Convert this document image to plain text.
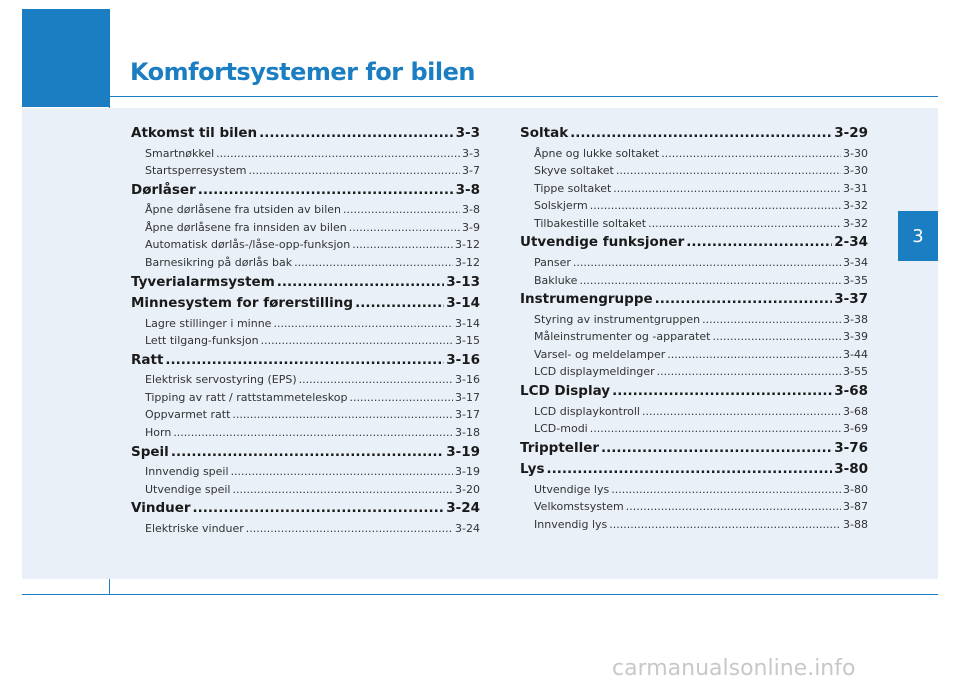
Komfortsystemer for bilen
3
Atkomst til bilen .....	3-3
Smartnøkkel .....	3-3
Startsperresystem .....	3-7
Dørlåser .....	3-8
Åpne dørlåsene fra utsiden av bilen .....	3-8
Åpne dørlåsene fra innsiden av bilen .....	3-9
Automatisk dørlås-/låse-opp-funksjon .....	3-12
Barnesikring på dørlås bak .....	3-12
Tyverialarmsystem .....	3-13
Minnesystem for førerstilling .....	3-14
Lagre stillinger i minne .....	3-14
Lett tilgang-funksjon .....	3-15
Ratt .....	3-16
Elektrisk servostyring (EPS) .....	3-16
Tipping av ratt / rattstammeteleskop .....	3-17
Oppvarmet ratt .....	3-17
Horn .....	3-18
Speil .....	3-19
Innvendig speil .....	3-19
Utvendige speil .....	3-20
Vinduer .....	3-24
Elektriske vinduer .....	3-24
Soltak .....	3-29
Åpne og lukke soltaket .....	3-30
Skyve soltaket .....	3-30
Tippe soltaket .....	3-31
Solskjerm .....	3-32
Tilbakestille soltaket .....	3-32
Utvendige funksjoner .....	2-34
Panser .....	3-34
Bakluke .....	3-35
Instrumengruppe .....	3-37
Styring av instrumentgruppen .....	3-38
Måleinstrumenter og -apparatet .....	3-39
Varsel- og meldelamper .....	3-44
LCD displaymeldinger .....	3-55
LCD Display .....	3-68
LCD displaykontroll .....	3-68
LCD-modi .....	3-69
Trippteller .....	3-76
Lys .....	3-80
Utvendige lys .....	3-80
Velkomstsystem .....	3-87
Innvendig lys .....	3-88
carmanualsonline.info
